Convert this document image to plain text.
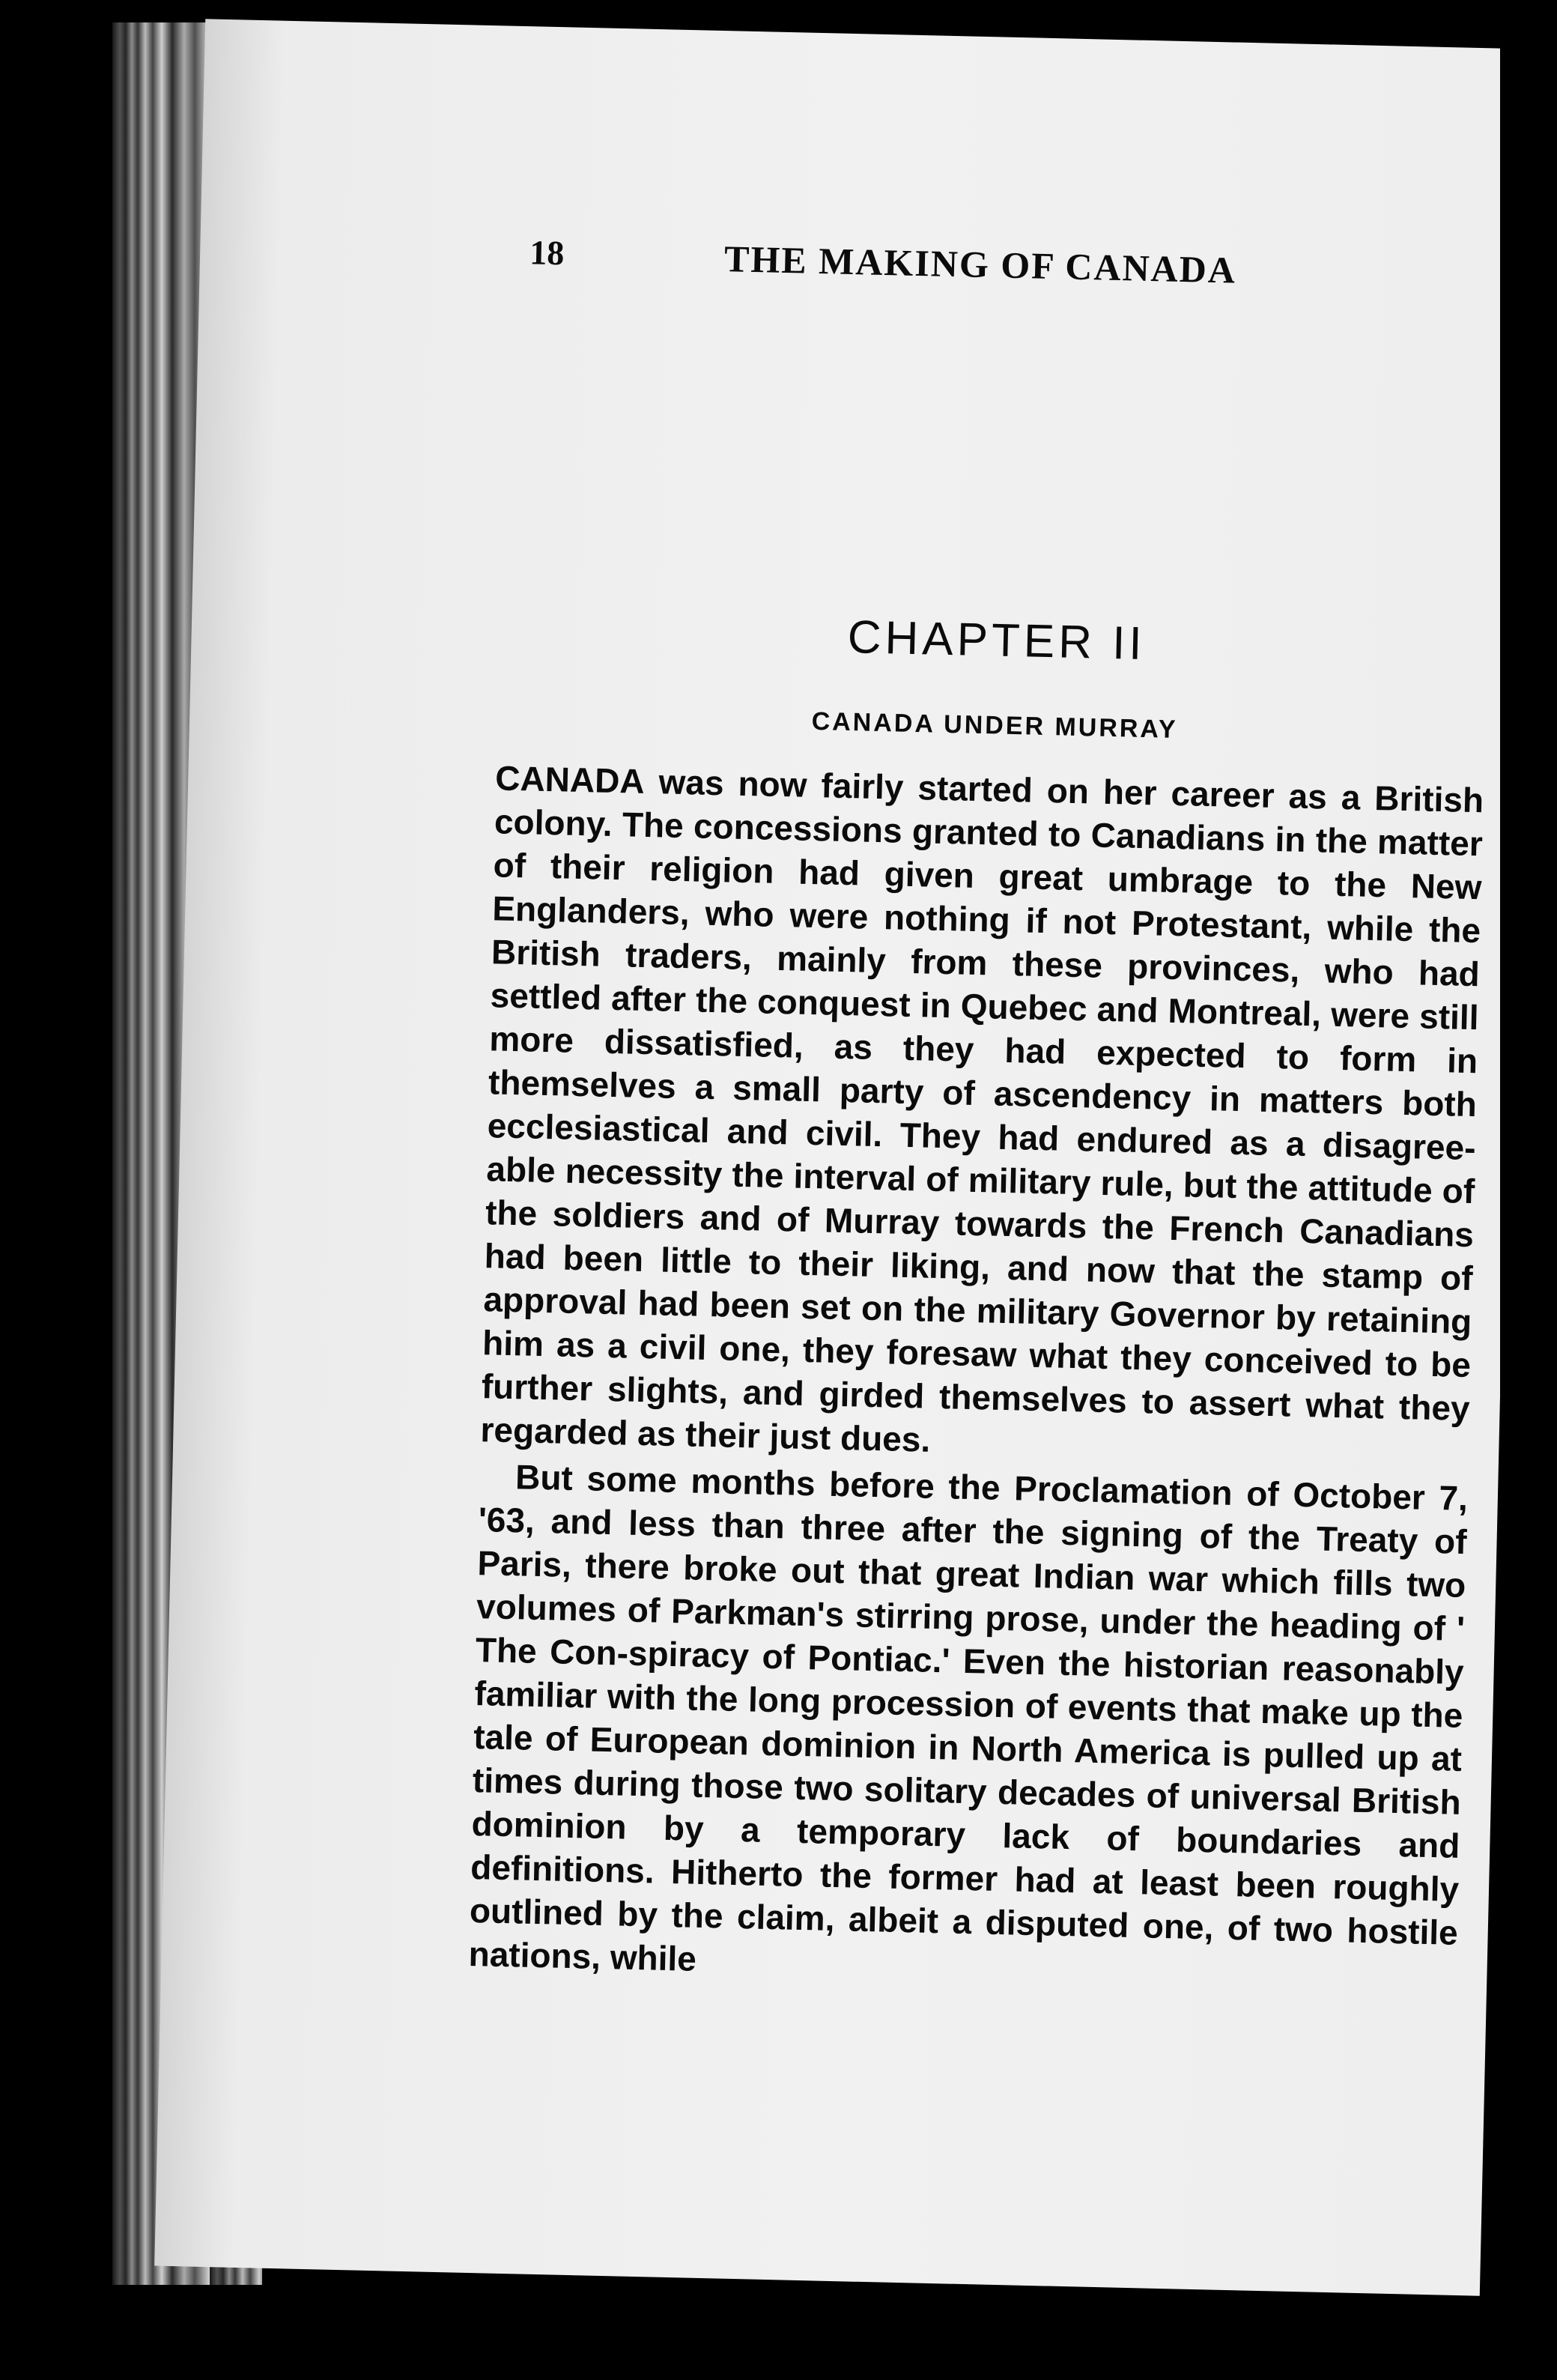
18	THE MAKING OF CANADA
CHAPTER II
CANADA UNDER MURRAY

CANADA was now fairly started on her career as a British colony. The concessions granted to Canadians in the matter of their religion had given great umbrage to the New Englanders, who were nothing if not Protestant, while the British traders, mainly from these provinces, who had settled after the conquest in Quebec and Montreal, were still more dissatisfied, as they had expected to form in themselves a small party of ascendency in matters both ecclesiastical and civil. They had endured as a disagree-able necessity the interval of military rule, but the attitude of the soldiers and of Murray towards the French Canadians had been little to their liking, and now that the stamp of approval had been set on the military Governor by retaining him as a civil one, they foresaw what they conceived to be further slights, and girded themselves to assert what they regarded as their just dues.

But some months before the Proclamation of October 7, '63, and less than three after the signing of the Treaty of Paris, there broke out that great Indian war which fills two volumes of Parkman's stirring prose, under the heading of ' The Con-spiracy of Pontiac.' Even the historian reasonably familiar with the long procession of events that make up the tale of European dominion in North America is pulled up at times during those two solitary decades of universal British dominion by a temporary lack of boundaries and definitions. Hitherto the former had at least been roughly outlined by the claim, albeit a disputed one, of two hostile nations, while
